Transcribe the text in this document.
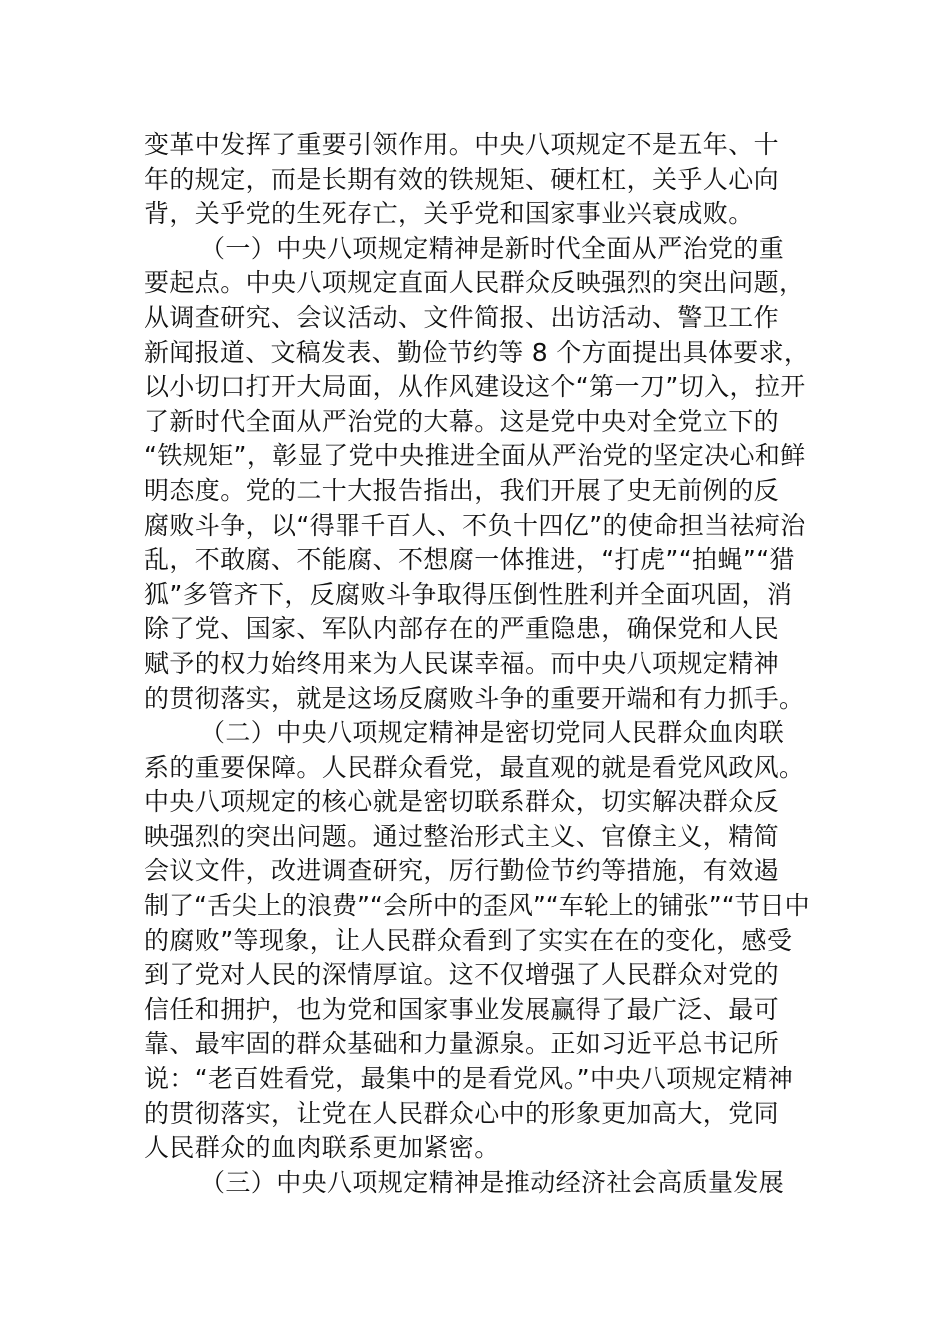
变革中发挥了重要引领作用。中央八项规定不是五年、十
年的规定，而是长期有效的铁规矩、硬杠杠，关乎人心向
背，关乎党的生死存亡，关乎党和国家事业兴衰成败。
（一）中央八项规定精神是新时代全面从严治党的重
要起点。中央八项规定直面人民群众反映强烈的突出问题，
从调查研究、会议活动、文件简报、出访活动、警卫工作
新闻报道、文稿发表、勤俭节约等 8 个方面提出具体要求，
以小切口打开大局面，从作风建设这个“第一刀”切入，拉开
了新时代全面从严治党的大幕。这是党中央对全党立下的
“铁规矩”，彰显了党中央推进全面从严治党的坚定决心和鲜
明态度。党的二十大报告指出，我们开展了史无前例的反
腐败斗争，以“得罪千百人、不负十四亿”的使命担当祛疴治
乱，不敢腐、不能腐、不想腐一体推进，“打虎”“拍蝇”“猎
狐”多管齐下，反腐败斗争取得压倒性胜利并全面巩固，消
除了党、国家、军队内部存在的严重隐患，确保党和人民
赋予的权力始终用来为人民谋幸福。而中央八项规定精神
的贯彻落实，就是这场反腐败斗争的重要开端和有力抓手。
（二）中央八项规定精神是密切党同人民群众血肉联
系的重要保障。人民群众看党，最直观的就是看党风政风。
中央八项规定的核心就是密切联系群众，切实解决群众反
映强烈的突出问题。通过整治形式主义、官僚主义，精简
会议文件，改进调查研究，厉行勤俭节约等措施，有效遏
制了“舌尖上的浪费”“会所中的歪风”“车轮上的铺张”“节日中
的腐败”等现象，让人民群众看到了实实在在的变化，感受
到了党对人民的深情厚谊。这不仅增强了人民群众对党的
信任和拥护，也为党和国家事业发展赢得了最广泛、最可
靠、最牢固的群众基础和力量源泉。正如习近平总书记所
说：“老百姓看党，最集中的是看党风。”中央八项规定精神
的贯彻落实，让党在人民群众心中的形象更加高大，党同
人民群众的血肉联系更加紧密。
（三）中央八项规定精神是推动经济社会高质量发展
